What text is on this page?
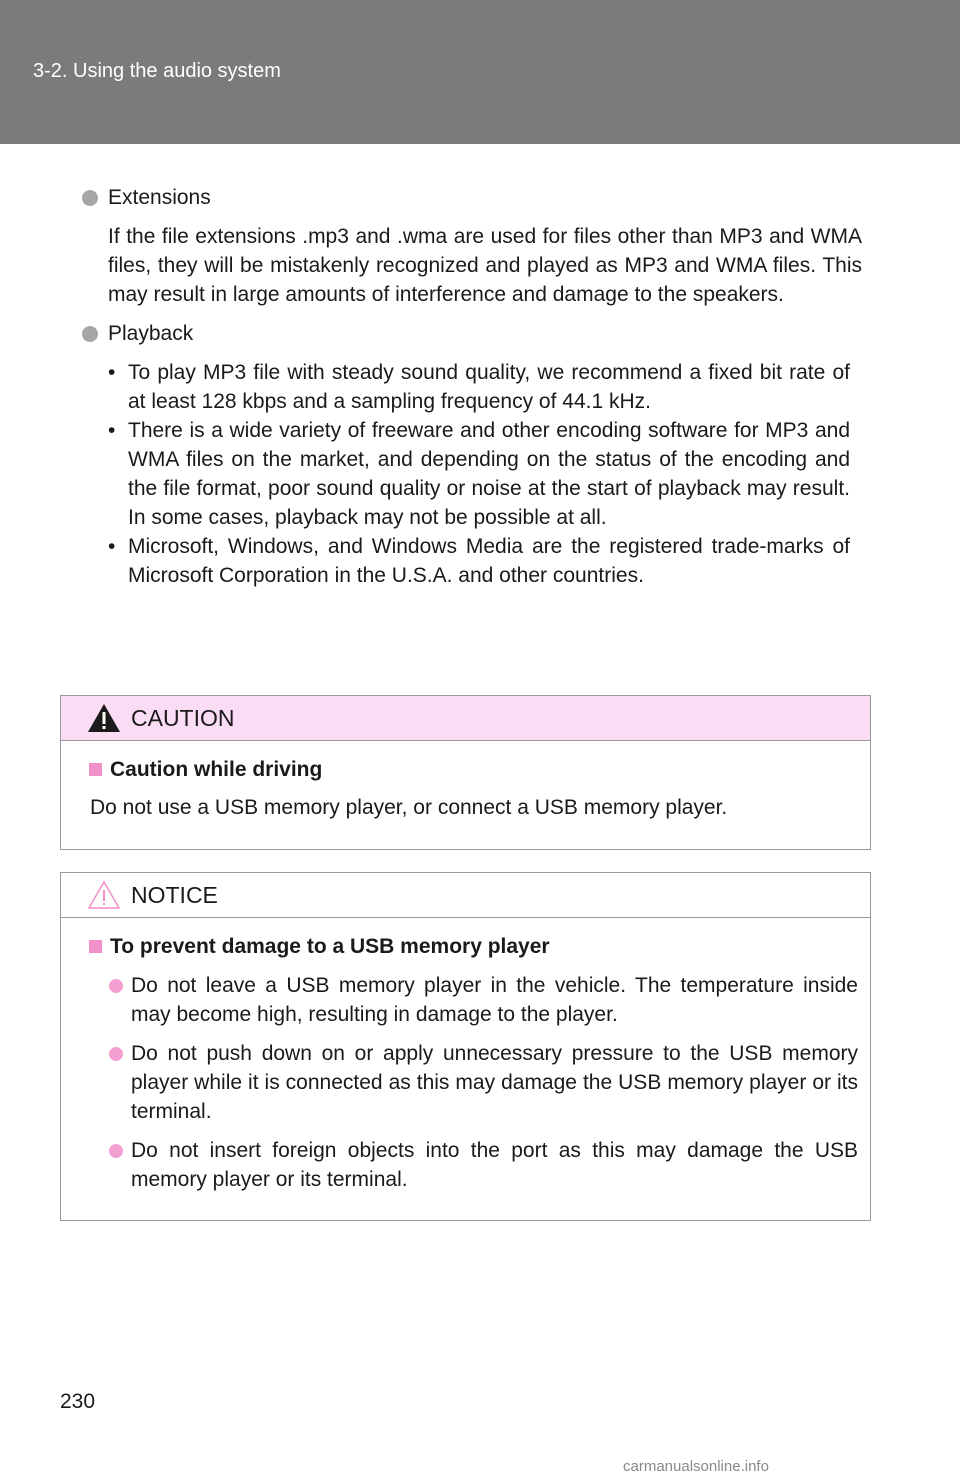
3-2. Using the audio system
Extensions

If the file extensions .mp3 and .wma are used for files other than MP3 and WMA files, they will be mistakenly recognized and played as MP3 and WMA files. This may result in large amounts of interference and damage to the speakers.

Playback
• To play MP3 file with steady sound quality, we recommend a fixed bit rate of at least 128 kbps and a sampling frequency of 44.1 kHz.
• There is a wide variety of freeware and other encoding software for MP3 and WMA files on the market, and depending on the status of the encoding and the file format, poor sound quality or noise at the start of playback may result. In some cases, playback may not be possible at all.
• Microsoft, Windows, and Windows Media are the registered trade-marks of Microsoft Corporation in the U.S.A. and other countries.
CAUTION
Caution while driving

Do not use a USB memory player, or connect a USB memory player.

NOTICE
To prevent damage to a USB memory player
Do not leave a USB memory player in the vehicle. The temperature inside may become high, resulting in damage to the player.
Do not push down on or apply unnecessary pressure to the USB memory player while it is connected as this may damage the USB memory player or its terminal.
Do not insert foreign objects into the port as this may damage the USB memory player or its terminal.
230
carmanualsonline.info
